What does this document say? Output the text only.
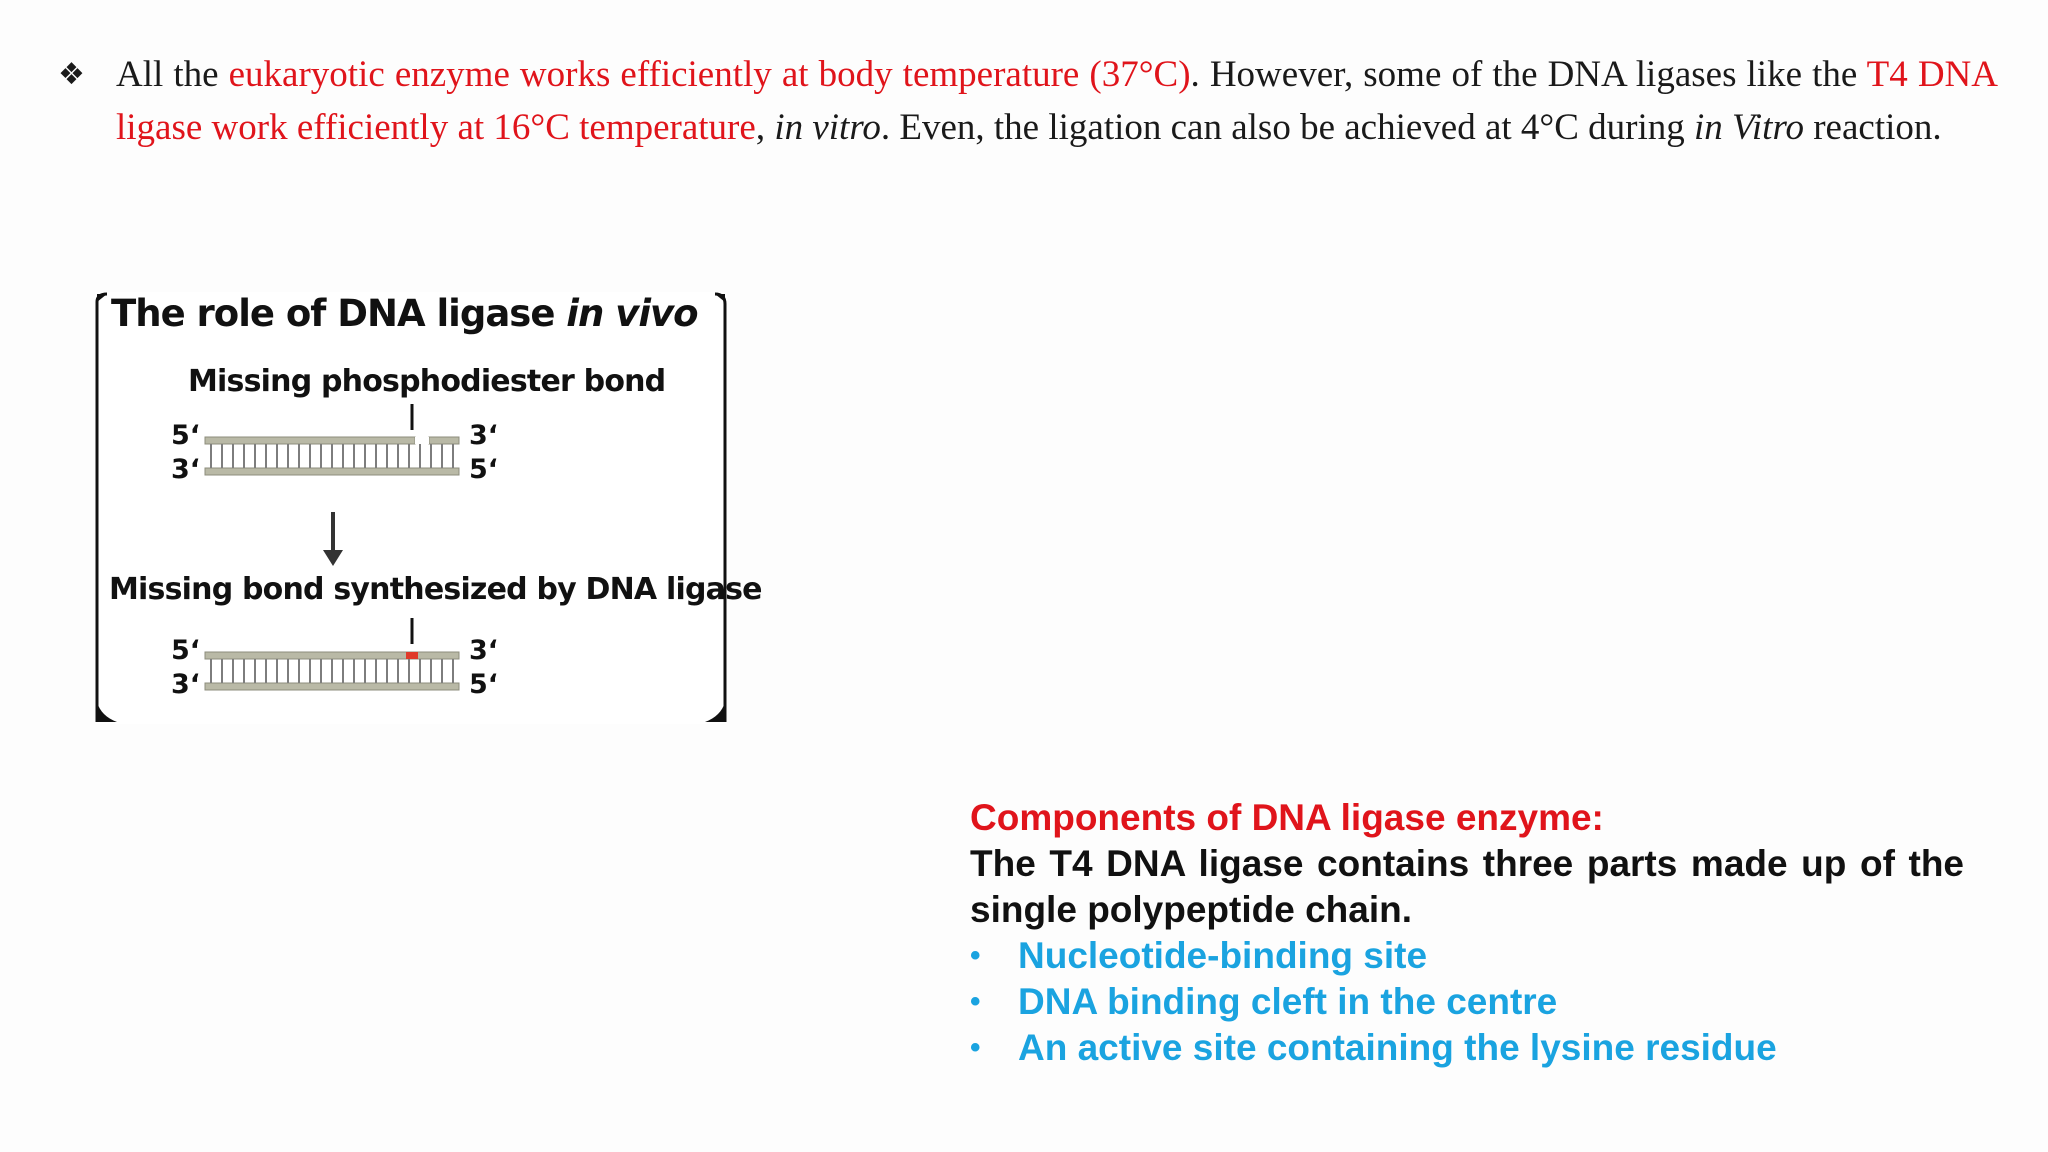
❖ All the eukaryotic enzyme works efficiently at body temperature (37°C). However, some of the DNA ligases like the T4 DNA ligase work efficiently at 16°C temperature, in vitro. Even, the ligation can also be achieved at 4°C during in Vitro reaction.
The role of DNA ligase in vivo
Missing phosphodiester bond
Missing bond synthesized by DNA ligase
5‘
3‘
3‘
5‘
5‘
3‘
3‘
5‘
Components of DNA ligase enzyme:
The T4 DNA ligase contains three parts made up of the single polypeptide chain.
• Nucleotide-binding site
• DNA binding cleft in the centre
• An active site containing the lysine residue
